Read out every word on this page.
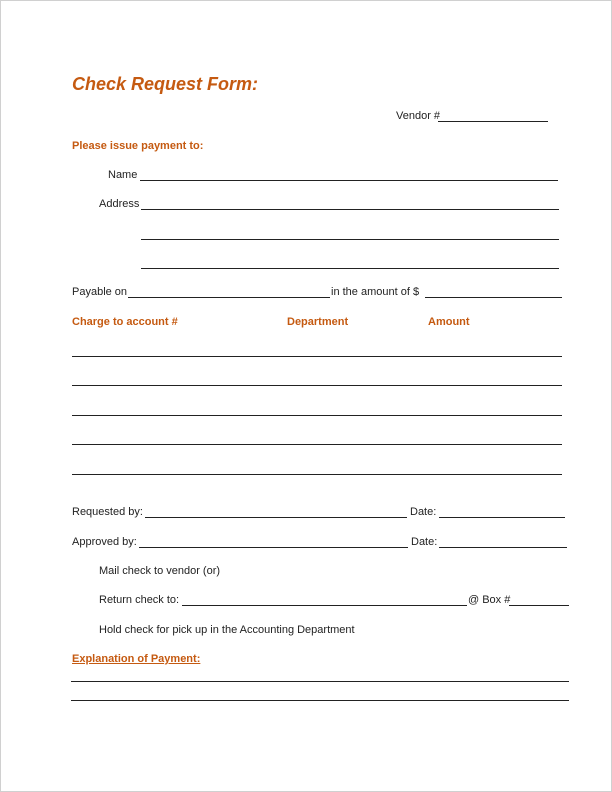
Check Request Form:
Vendor #
Please issue payment to:
Name
Address
Payable on	in the amount of $
Charge to account #	Department	Amount
Requested by:	Date:
Approved by:	Date:
Mail check to vendor (or)
Return check to:	@ Box #
Hold check for pick up in the Accounting Department
Explanation of Payment:
